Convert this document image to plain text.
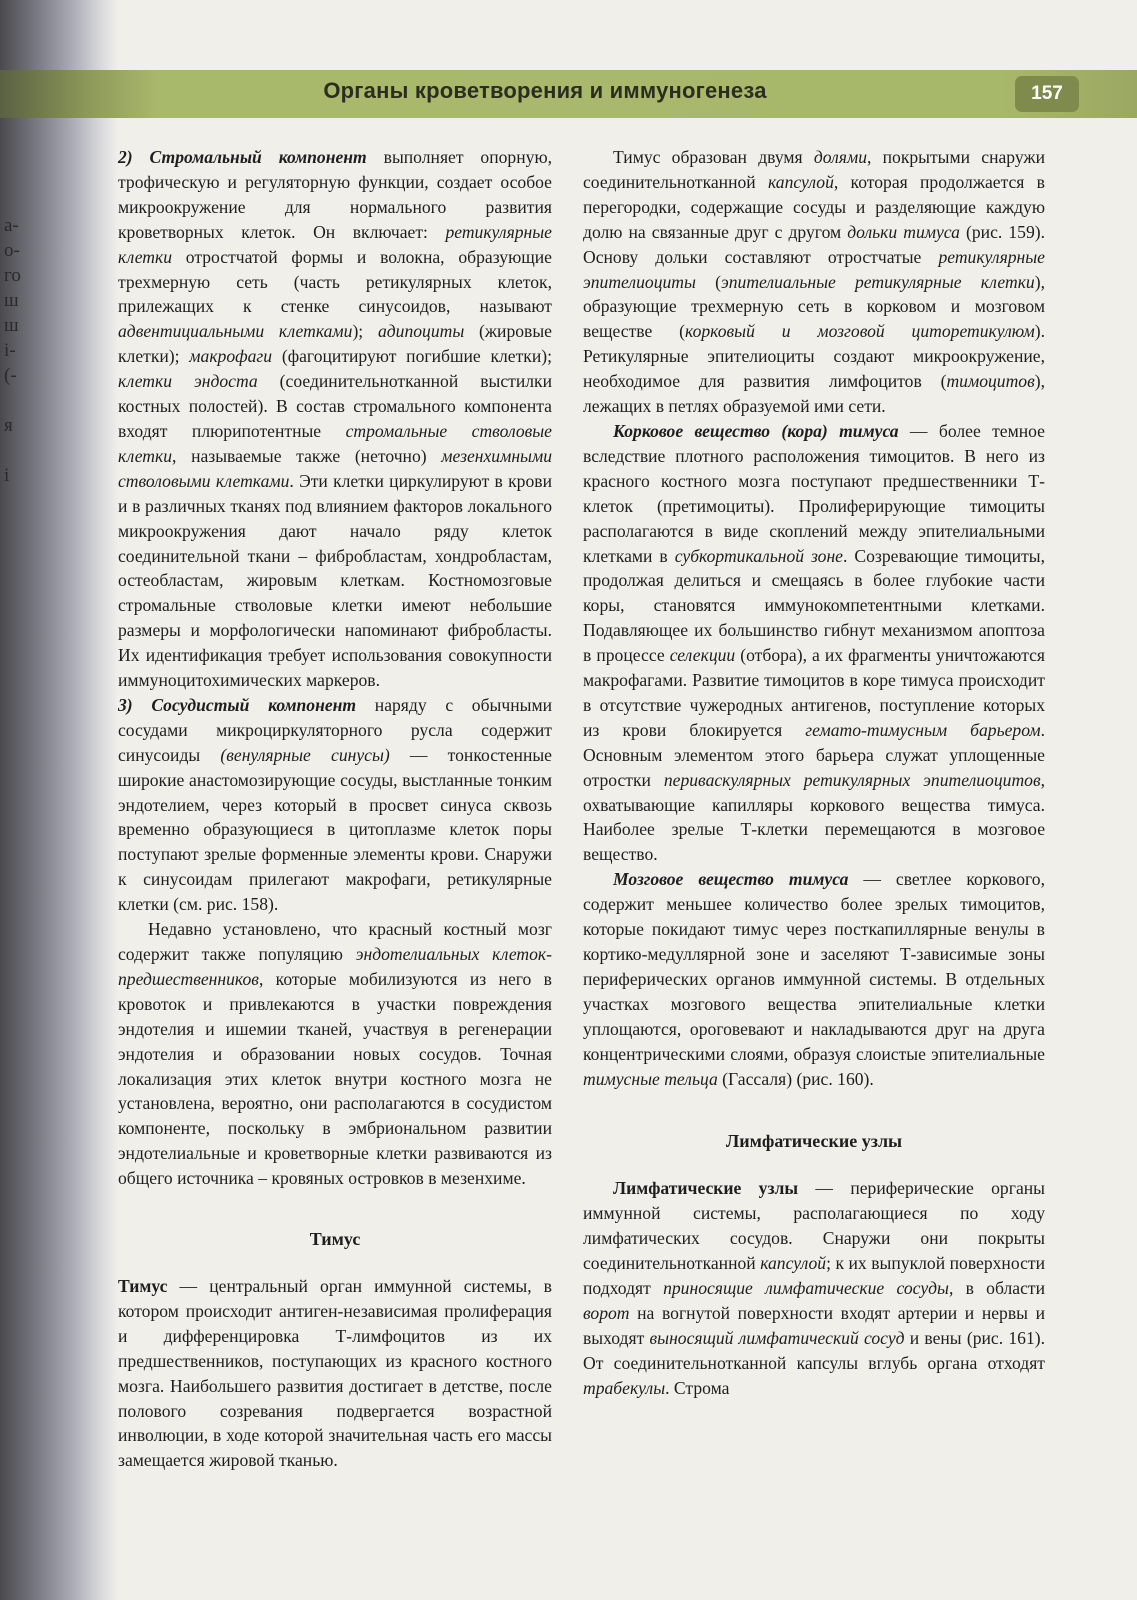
а-
о-
го
ш
ш
і-
(-
я
і
Органы кроветворения и иммуногенеза	157

2) Стромальный компонент выполняет опорную, трофическую и регуляторную функции, создает особое микроокружение для нормального развития кроветворных клеток. Он включает: ретикулярные клетки отростчатой формы и волокна, образующие трехмерную сеть (часть ретикулярных клеток, прилежащих к стенке синусоидов, называют адвентициальными клетками); адипоциты (жировые клетки); макрофаги (фагоцитируют погибшие клетки); клетки эндоста (соединительнотканной выстилки костных полостей). В состав стромального компонента входят плюрипотентные стромальные стволовые клетки, называемые также (неточно) мезенхимными стволовыми клетками. Эти клетки циркулируют в крови и в различных тканях под влиянием факторов локального микроокружения дают начало ряду клеток соединительной ткани – фибробластам, хондробластам, остеобластам, жировым клеткам. Костномозговые стромальные стволовые клетки имеют небольшие размеры и морфологически напоминают фибробласты. Их идентификация требует использования совокупности иммуноцитохимических маркеров.

3) Сосудистый компонент наряду с обычными сосудами микроциркуляторного русла содержит синусоиды (венулярные синусы) — тонкостенные широкие анастомозирующие сосуды, выстланные тонким эндотелием, через который в просвет синуса сквозь временно образующиеся в цитоплазме клеток поры поступают зрелые форменные элементы крови. Снаружи к синусоидам прилегают макрофаги, ретикулярные клетки (см. рис. 158).

Недавно установлено, что красный костный мозг содержит также популяцию эндотелиальных клеток-предшественников, которые мобилизуются из него в кровоток и привлекаются в участки повреждения эндотелия и ишемии тканей, участвуя в регенерации эндотелия и образовании новых сосудов. Точная локализация этих клеток внутри костного мозга не установлена, вероятно, они располагаются в сосудистом компоненте, поскольку в эмбриональном развитии эндотелиальные и кроветворные клетки развиваются из общего источника – кровяных островков в мезенхиме.

Тимус

Тимус — центральный орган иммунной системы, в котором происходит антиген-независимая пролиферация и дифференцировка Т-лимфоцитов из их предшественников, поступающих из красного костного мозга. Наибольшего развития достигает в детстве, после полового созревания подвергается возрастной инволюции, в ходе которой значительная часть его массы замещается жировой тканью.

Тимус образован двумя долями, покрытыми снаружи соединительнотканной капсулой, которая продолжается в перегородки, содержащие сосуды и разделяющие каждую долю на связанные друг с другом дольки тимуса (рис. 159). Основу дольки составляют отростчатые ретикулярные эпителиоциты (эпителиальные ретикулярные клетки), образующие трехмерную сеть в корковом и мозговом веществе (корковый и мозговой циторетикулюм). Ретикулярные эпителиоциты создают микроокружение, необходимое для развития лимфоцитов (тимоцитов), лежащих в петлях образуемой ими сети.

Корковое вещество (кора) тимуса — более темное вследствие плотного расположения тимоцитов. В него из красного костного мозга поступают предшественники Т-клеток (претимоциты). Пролиферирующие тимоциты располагаются в виде скоплений между эпителиальными клетками в субкортикальной зоне. Созревающие тимоциты, продолжая делиться и смещаясь в более глубокие части коры, становятся иммунокомпетентными клетками. Подавляющее их большинство гибнут механизмом апоптоза в процессе селекции (отбора), а их фрагменты уничтожаются макрофагами. Развитие тимоцитов в коре тимуса происходит в отсутствие чужеродных антигенов, поступление которых из крови блокируется гемато-тимусным барьером. Основным элементом этого барьера служат уплощенные отростки периваскулярных ретикулярных эпителиоцитов, охватывающие капилляры коркового вещества тимуса. Наиболее зрелые Т-клетки перемещаются в мозговое вещество.

Мозговое вещество тимуса — светлее коркового, содержит меньшее количество более зрелых тимоцитов, которые покидают тимус через посткапиллярные венулы в кортико-медуллярной зоне и заселяют Т-зависимые зоны периферических органов иммунной системы. В отдельных участках мозгового вещества эпителиальные клетки уплощаются, ороговевают и накладываются друг на друга концентрическими слоями, образуя слоистые эпителиальные тимусные тельца (Гассаля) (рис. 160).

Лимфатические узлы

Лимфатические узлы — периферические органы иммунной системы, располагающиеся по ходу лимфатических сосудов. Снаружи они покрыты соединительнотканной капсулой; к их выпуклой поверхности подходят приносящие лимфатические сосуды, в области ворот на вогнутой поверхности входят артерии и нервы и выходят выносящий лимфатический сосуд и вены (рис. 161). От соединительнотканной капсулы вглубь органа отходят трабекулы. Строма
